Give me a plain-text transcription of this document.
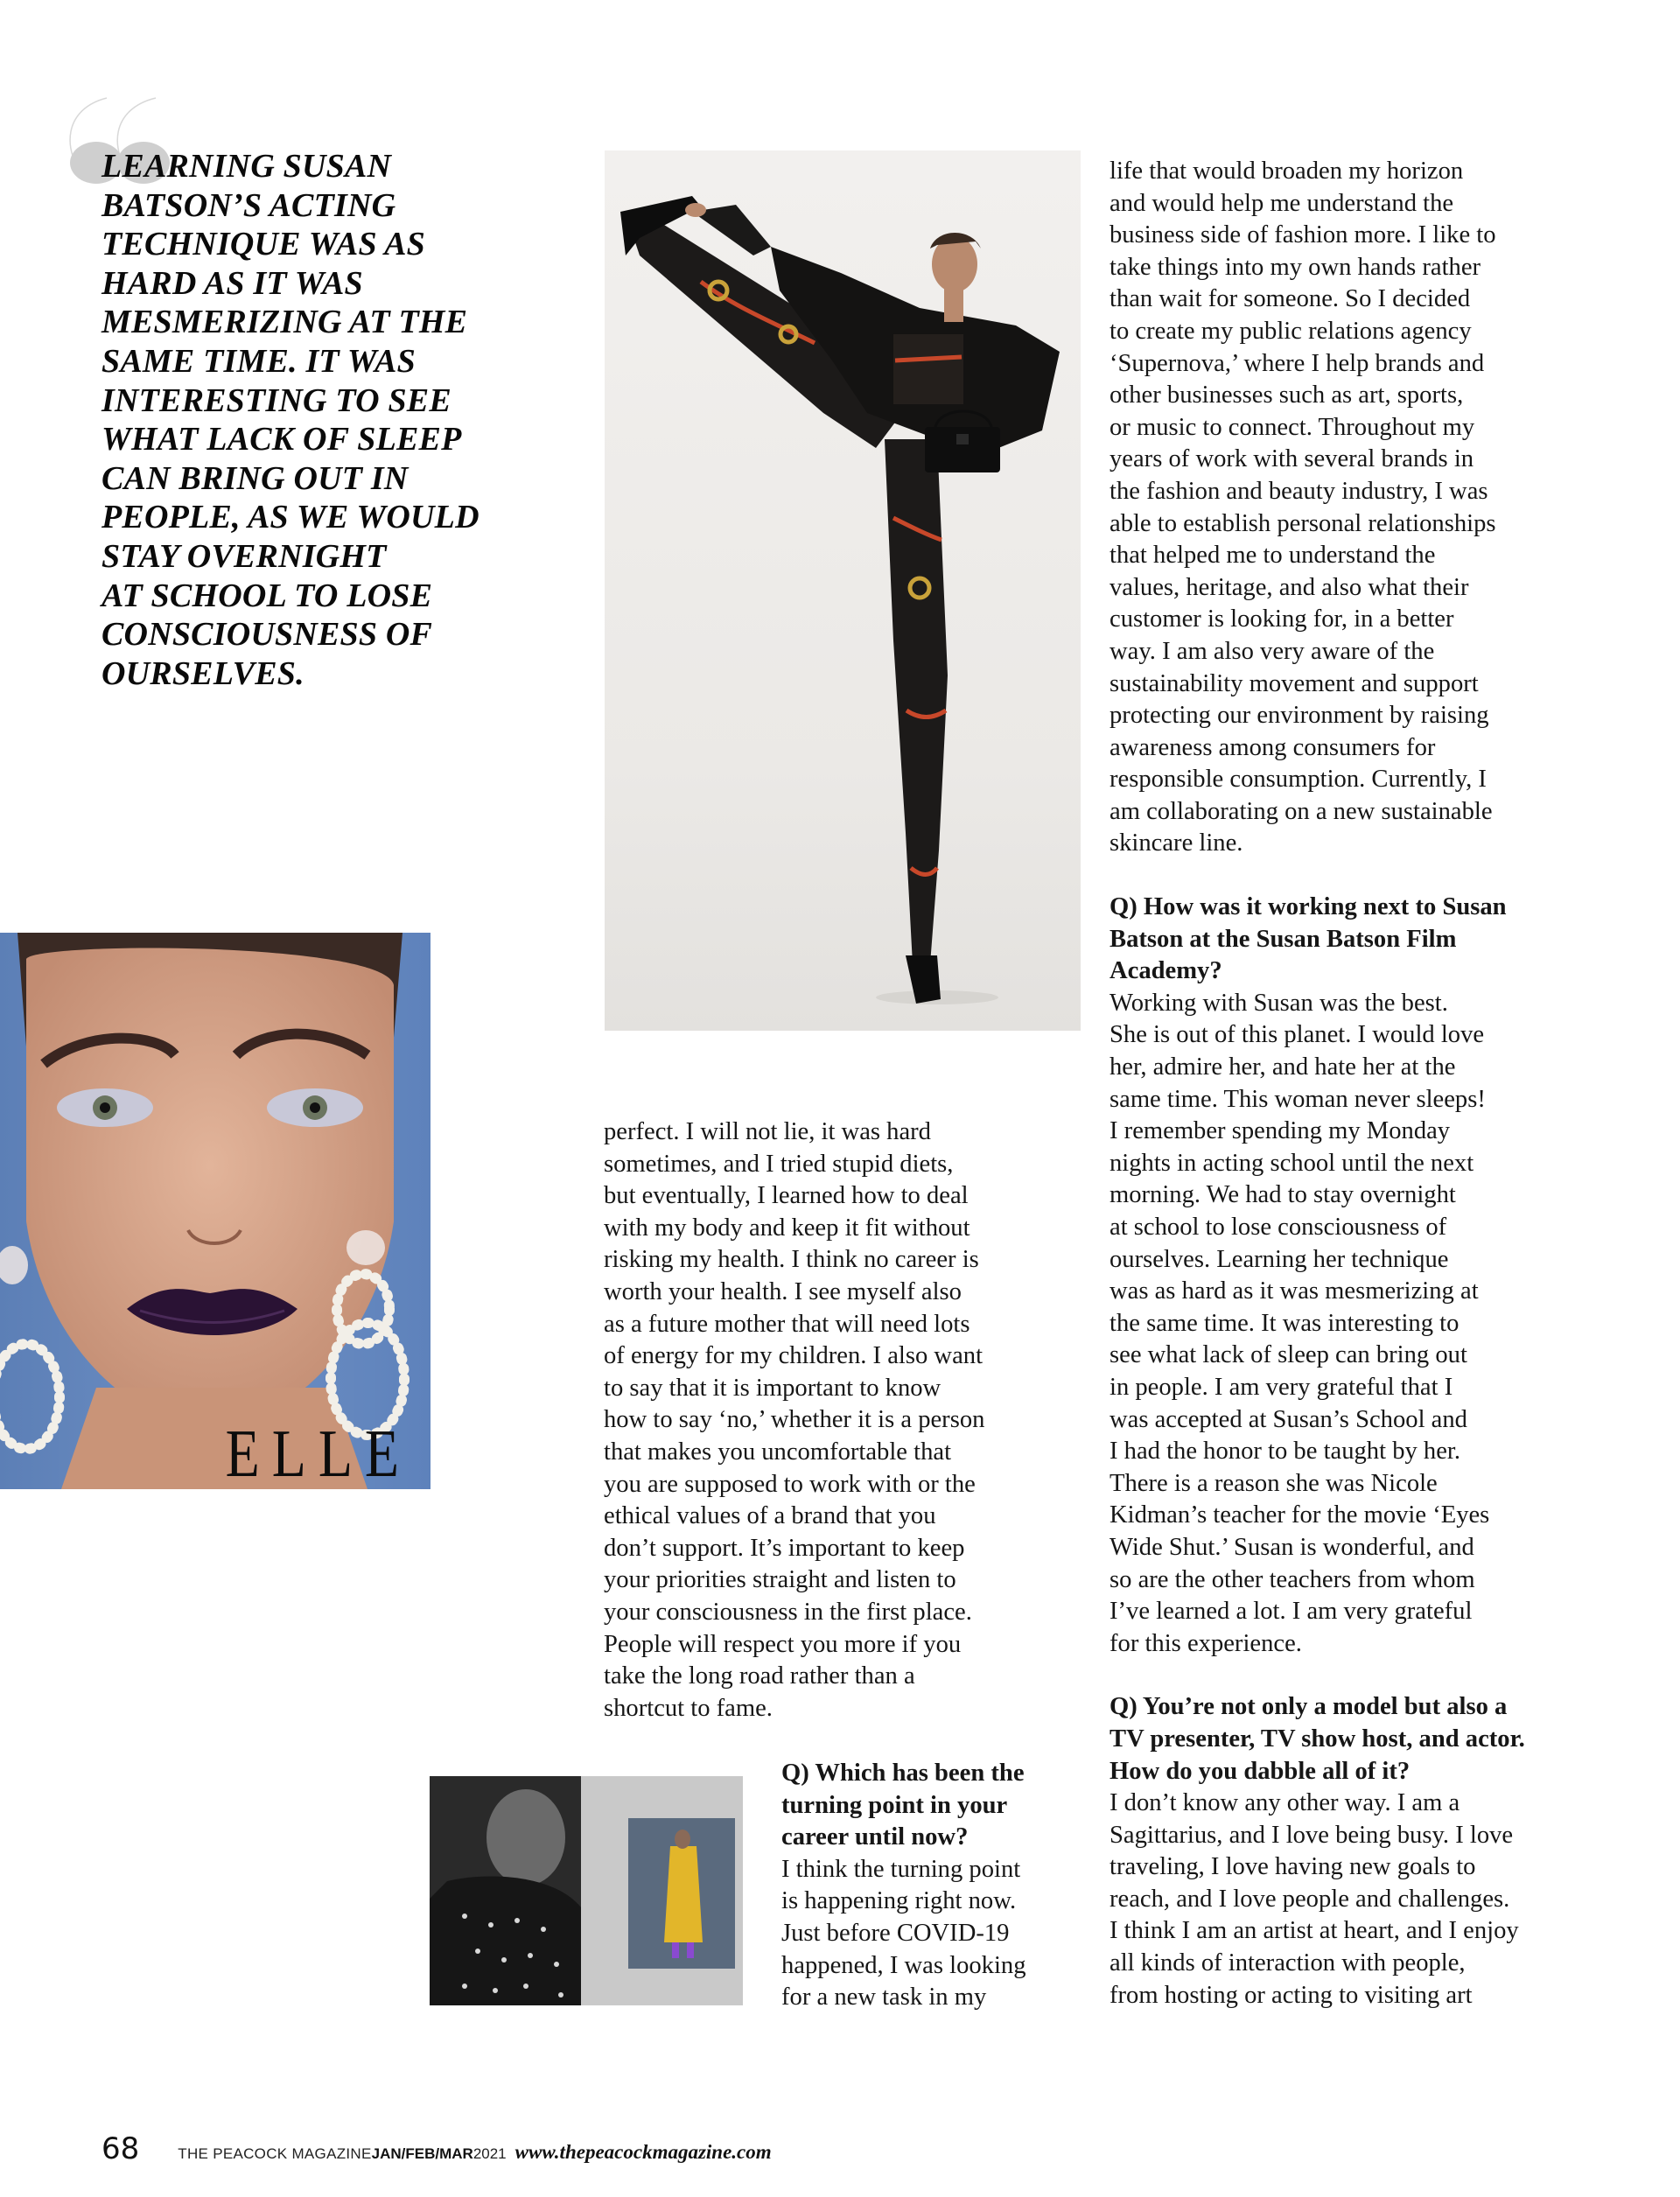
LEARNING SUSAN
BATSON’S ACTING
TECHNIQUE WAS AS
HARD AS IT WAS
MESMERIZING AT THE
SAME TIME. IT WAS
INTERESTING TO SEE
WHAT LACK OF SLEEP
CAN BRING OUT IN
PEOPLE, AS WE WOULD
STAY OVERNIGHT
AT SCHOOL TO LOSE
CONSCIOUSNESS OF
OURSELVES.
life that would broaden my horizon
and would help me understand the
business side of fashion more. I like to
take things into my own hands rather
than wait for someone. So I decided
to create my public relations agency
‘Supernova,’ where I help brands and
other businesses such as art, sports,
or music to connect. Throughout my
years of work with several brands in
the fashion and beauty industry, I was
able to establish personal relationships
that helped me to understand the
values, heritage, and also what their
customer is looking for, in a better
way. I am also very aware of the
sustainability movement and support
protecting our environment by raising
awareness among consumers for
responsible consumption. Currently, I
am collaborating on a new sustainable
skincare line.
Q) How was it working next to Susan
Batson at the Susan Batson Film
Academy?
Working with Susan was the best.
She is out of this planet. I would love
her, admire her, and hate her at the
same time. This woman never sleeps!
I remember spending my Monday
nights in acting school until the next
morning. We had to stay overnight
at school to lose consciousness of
ourselves. Learning her technique
was as hard as it was mesmerizing at
the same time. It was interesting to
see what lack of sleep can bring out
in people. I am very grateful that I
was accepted at Susan’s School and
I had the honor to be taught by her.
There is a reason she was Nicole
Kidman’s teacher for the movie ‘Eyes
Wide Shut.’ Susan is wonderful, and
so are the other teachers from whom
I’ve learned a lot. I am very grateful
for this experience.
Q) You’re not only a model but also a
TV presenter, TV show host, and actor.
How do you dabble all of it?
I don’t know any other way. I am a
Sagittarius, and I love being busy. I love
traveling, I love having new goals to
reach, and I love people and challenges.
I think I am an artist at heart, and I enjoy
all kinds of interaction with people,
from hosting or acting to visiting art
ELLE
perfect. I will not lie, it was hard
sometimes, and I tried stupid diets,
but eventually, I learned how to deal
with my body and keep it fit without
risking my health. I think no career is
worth your health. I see myself also
as a future mother that will need lots
of energy for my children. I also want
to say that it is important to know
how to say ‘no,’ whether it is a person
that makes you uncomfortable that
you are supposed to work with or the
ethical values of a brand that you
don’t support. It’s important to keep
your priorities straight and listen to
your consciousness in the first place.
People will respect you more if you
take the long road rather than a
shortcut to fame.
Q) Which has been the
turning point in your
career until now?
I think the turning point
is happening right now.
Just before COVID-19
happened, I was looking
for a new task in my
68	THE PEACOCK MAGAZINE JAN/FEB/MAR 2021 www.thepeacockmagazine.com
